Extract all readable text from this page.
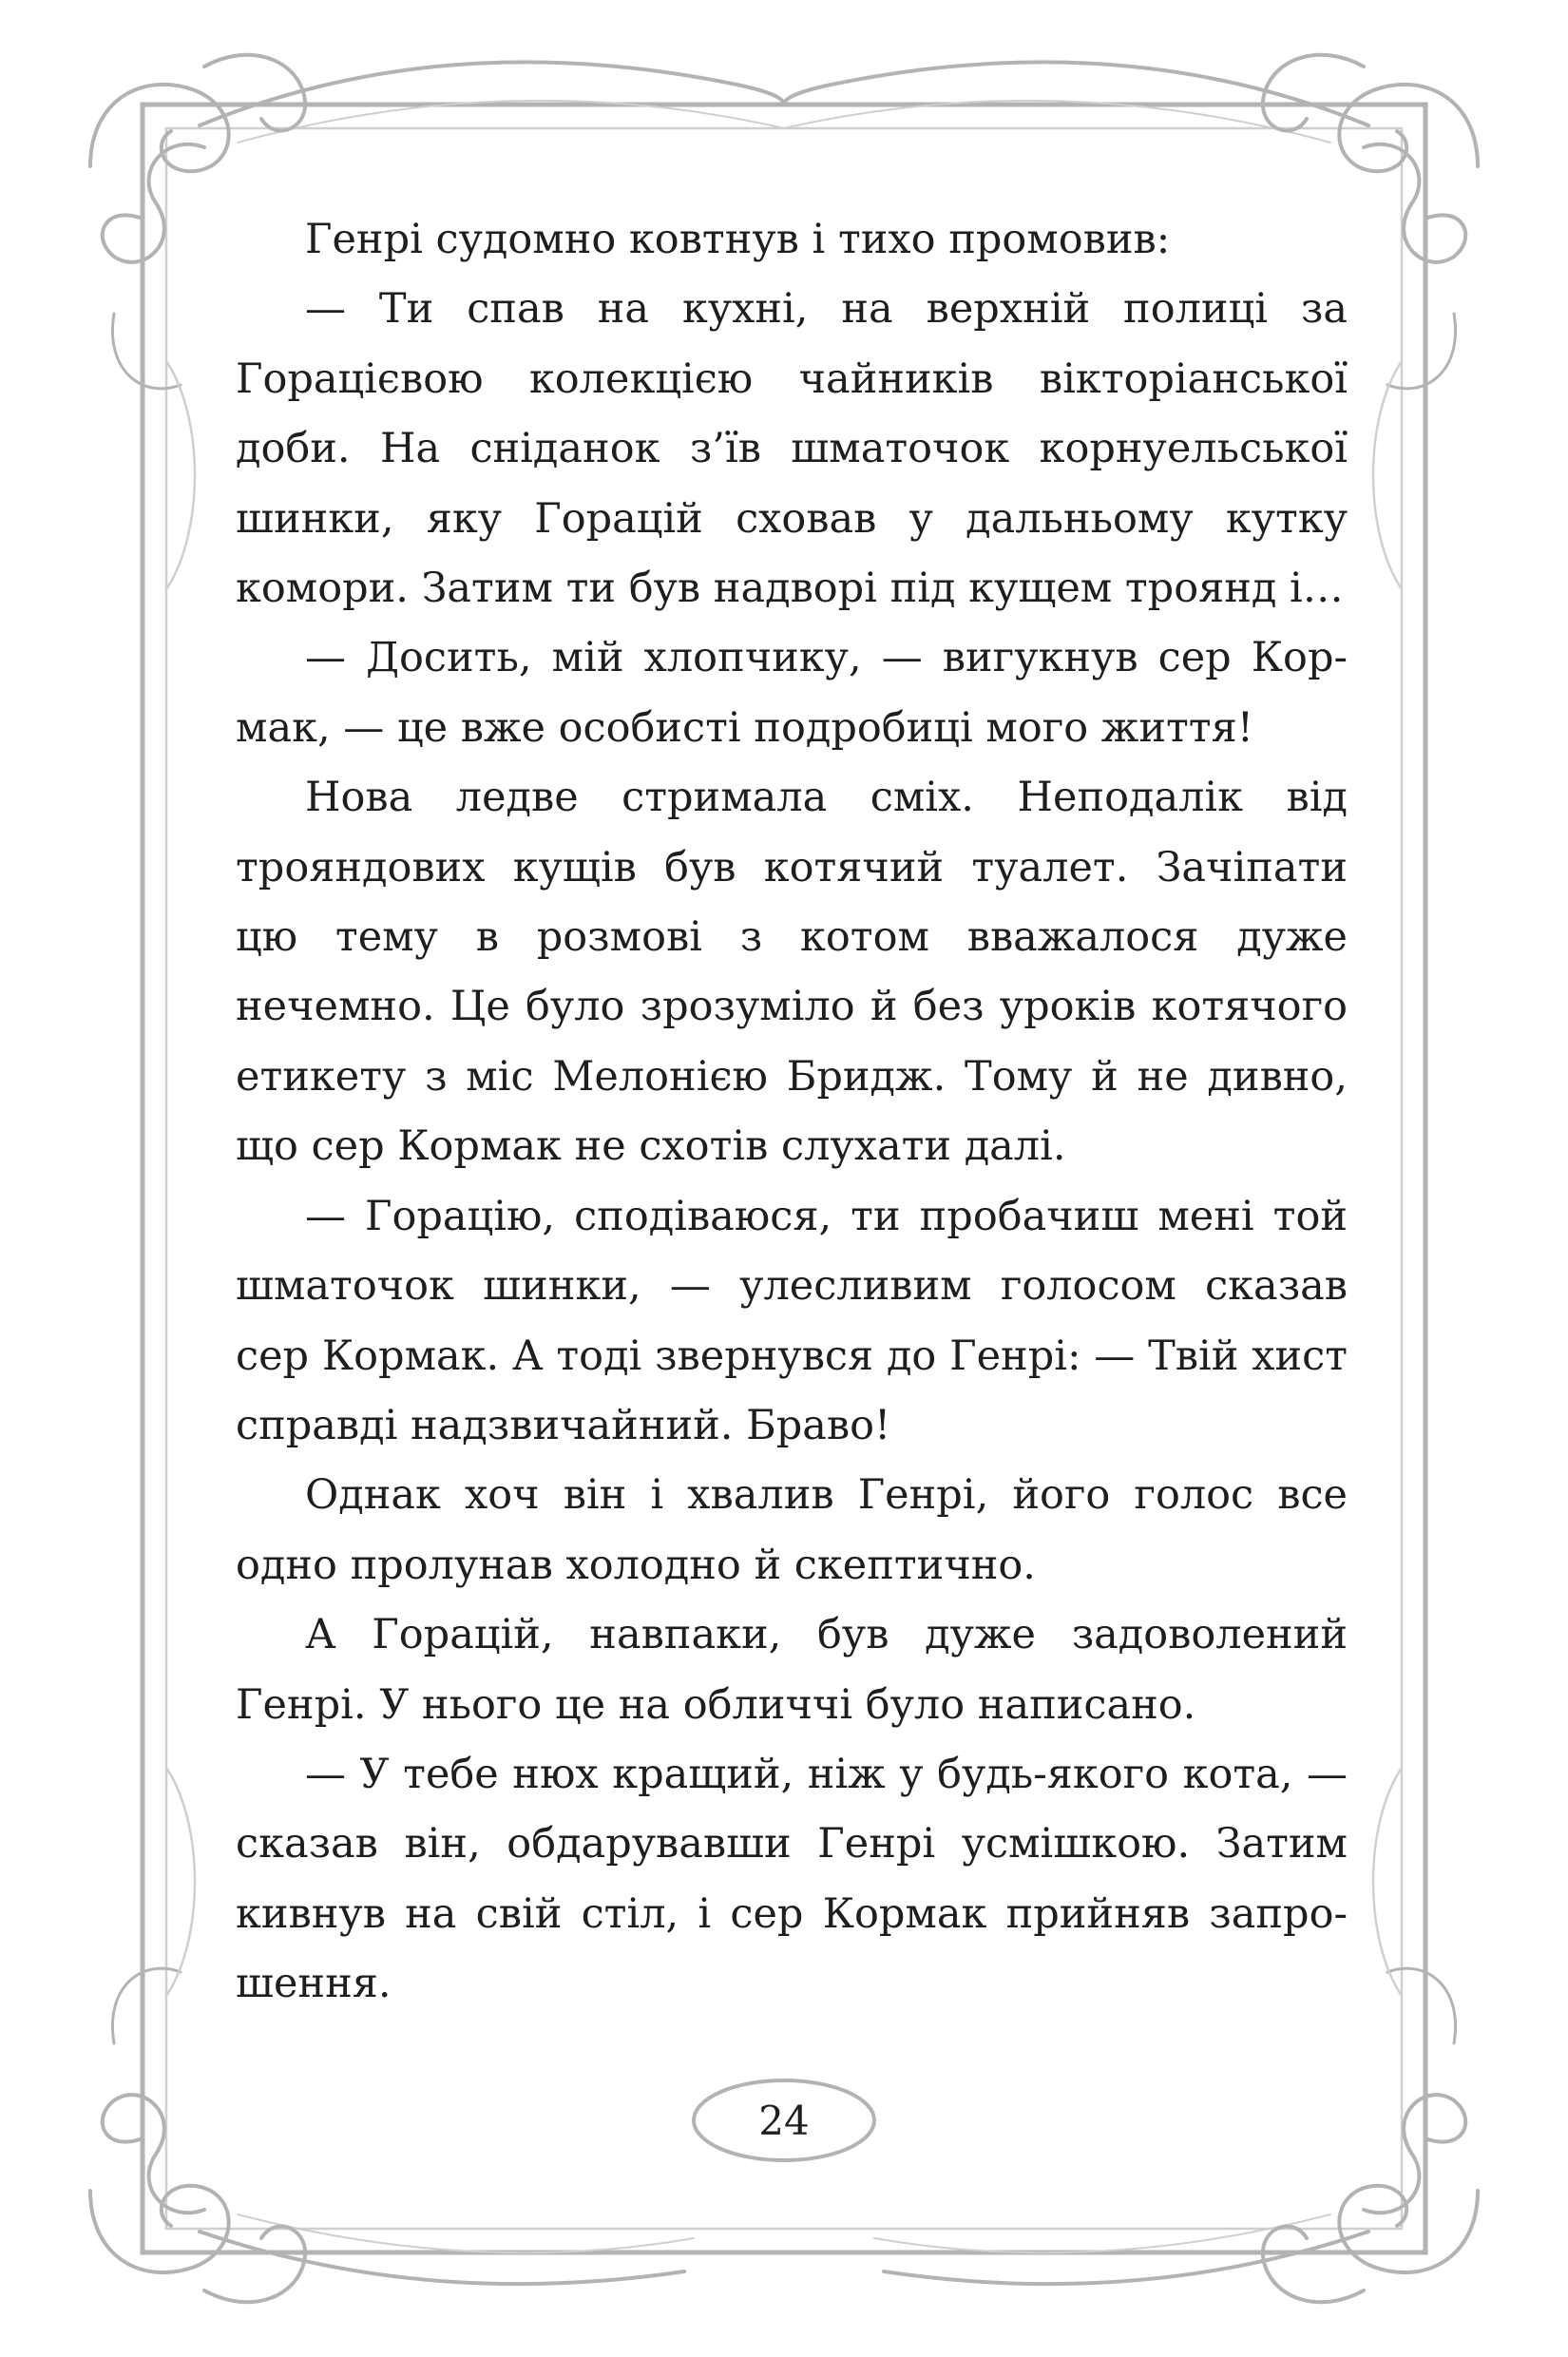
Генрі судомно ковтнув і тихо промовив:

— Ти спав на кухні, на верхній полиці за Горацієвою колекцією чайників вікторіанської доби. На сніданок з’їв шматочок корнуельської шинки, яку Горацій сховав у дальньому кутку комори. Затим ти був надворі під кущем троянд і…

— Досить, мій хлопчику, — вигукнув сер Кормак, — це вже особисті подробиці мого життя!

Нова ледве стримала сміх. Неподалік від трояндових кущів був котячий туалет. Зачіпати цю тему в розмові з котом вважалося дуже нечемно. Це було зрозуміло й без уроків котячого етикету з міс Мелонією Бридж. Тому й не дивно, що сер Кормак не схотів слухати далі.

— Горацію, сподіваюся, ти пробачиш мені той шматочок шинки, — улесливим голосом сказав сер Кормак. А тоді звернувся до Генрі: — Твій хист справді надзвичайний. Браво!

Однак хоч він і хвалив Генрі, його голос все одно пролунав холодно й скептично.

А Горацій, навпаки, був дуже задоволений Генрі. У нього це на обличчі було написано.

— У тебе нюх кращий, ніж у будь-якого кота, — сказав він, обдарувавши Генрі усмішкою. Затим кивнув на свій стіл, і сер Кормак прийняв запрошення.

24
